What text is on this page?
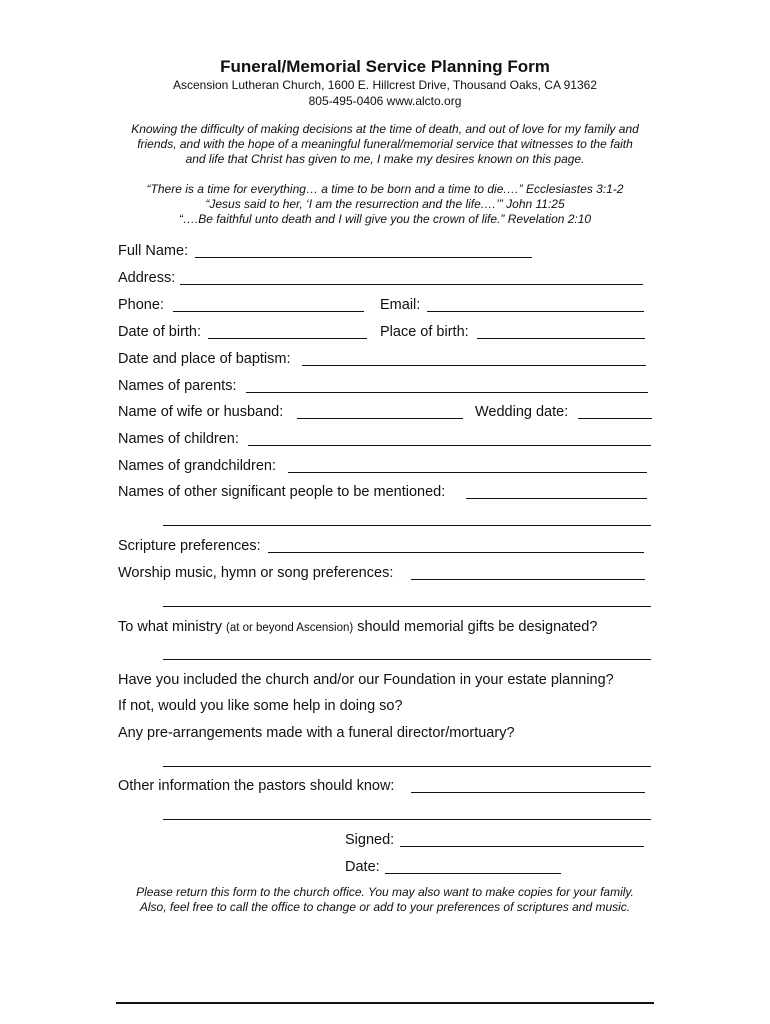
Funeral/Memorial Service Planning Form
Ascension Lutheran Church, 1600 E. Hillcrest Drive, Thousand Oaks, CA 91362
805-495-0406 www.alcto.org
Knowing the difficulty of making decisions at the time of death, and out of love for my family and
friends, and with the hope of a meaningful funeral/memorial service that witnesses to the faith
and life that Christ has given to me, I make my desires known on this page.
“There is a time for everything… a time to be born and a time to die.…” Ecclesiastes 3:1-2
“Jesus said to her, ‘I am the resurrection and the life.…’” John 11:25
“….Be faithful unto death and I will give you the crown of life.” Revelation 2:10
Full Name:
Address:
Phone:	Email:
Date of birth:	Place of birth:
Date and place of baptism:
Names of parents:
Name of wife or husband:	Wedding date:
Names of children:
Names of grandchildren:
Names of other significant people to be mentioned:
Scripture preferences:
Worship music, hymn or song preferences:
To what ministry (at or beyond Ascension) should memorial gifts be designated?
Have you included the church and/or our Foundation in your estate planning?
If not, would you like some help in doing so?
Any pre-arrangements made with a funeral director/mortuary?
Other information the pastors should know:
Signed:
Date:
Please return this form to the church office. You may also want to make copies for your family.
Also, feel free to call the office to change or add to your preferences of scriptures and music.
